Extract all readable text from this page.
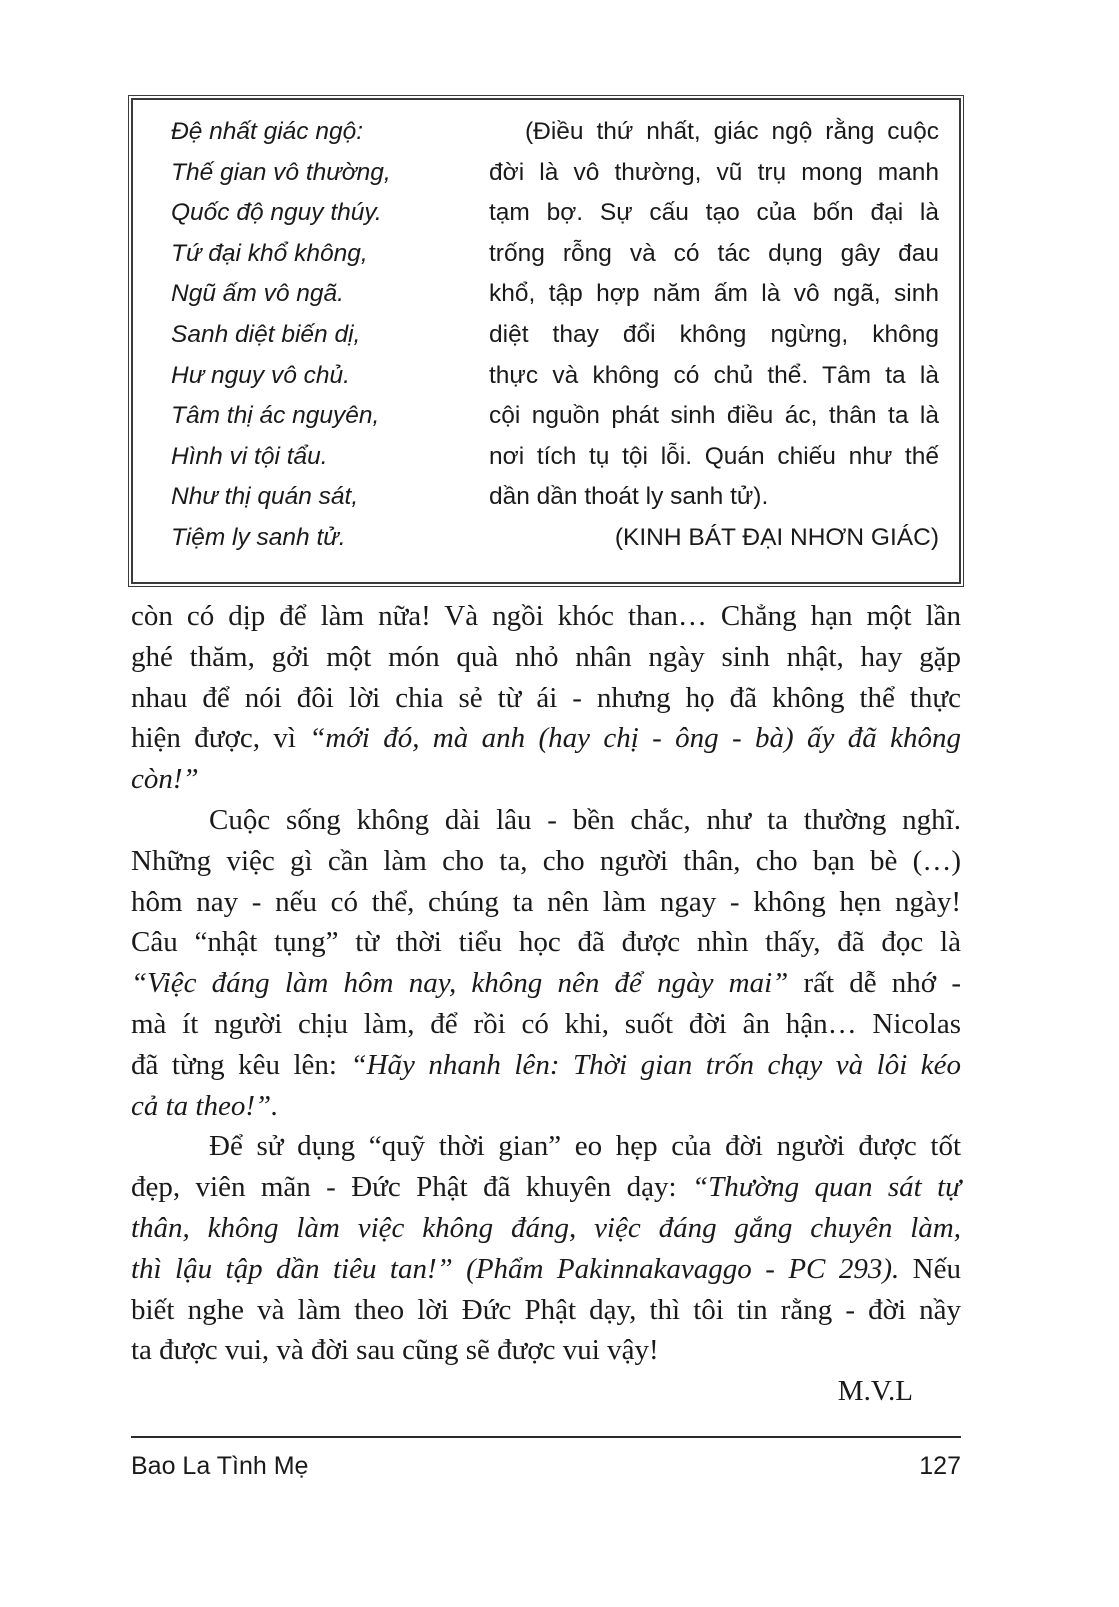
Đệ nhất giác ngộ:
Thế gian vô thường,
Quốc độ nguy thúy.
Tứ đại khổ không,
Ngũ ấm vô ngã.
Sanh diệt biến dị,
Hư nguy vô chủ.
Tâm thị ác nguyên,
Hình vi tội tẩu.
Như thị quán sát,
Tiệm ly sanh tử.
(Điều thứ nhất, giác ngộ rằng cuộc
đời là vô thường, vũ trụ mong manh
tạm bợ. Sự cấu tạo của bốn đại là
trống rỗng và có tác dụng gây đau
khổ, tập hợp năm ấm là vô ngã, sinh
diệt thay đổi không ngừng, không
thực và không có chủ thể. Tâm ta là
cội nguồn phát sinh điều ác, thân ta là
nơi tích tụ tội lỗi. Quán chiếu như thế
dần dần thoát ly sanh tử).
(KINH BÁT ĐẠI NHƠN GIÁC)
còn có dịp để làm nữa! Và ngồi khóc than… Chẳng hạn một lần
ghé thăm, gởi một món quà nhỏ nhân ngày sinh nhật, hay gặp
nhau để nói đôi lời chia sẻ từ ái - nhưng họ đã không thể thực
hiện được, vì “mới đó, mà anh (hay chị - ông - bà) ấy đã không
còn!”
Cuộc sống không dài lâu - bền chắc, như ta thường nghĩ.
Những việc gì cần làm cho ta, cho người thân, cho bạn bè (…)
hôm nay - nếu có thể, chúng ta nên làm ngay - không hẹn ngày!
Câu “nhật tụng” từ thời tiểu học đã được nhìn thấy, đã đọc là
“Việc đáng làm hôm nay, không nên để ngày mai” rất dễ nhớ -
mà ít người chịu làm, để rồi có khi, suốt đời ân hận… Nicolas
đã từng kêu lên: “Hãy nhanh lên: Thời gian trốn chạy và lôi kéo
cả ta theo!”.
Để sử dụng “quỹ thời gian” eo hẹp của đời người được tốt
đẹp, viên mãn - Đức Phật đã khuyên dạy: “Thường quan sát tự
thân, không làm việc không đáng, việc đáng gắng chuyên làm,
thì lậu tập dần tiêu tan!” (Phẩm Pakinnakavaggo - PC 293). Nếu
biết nghe và làm theo lời Đức Phật dạy, thì tôi tin rằng - đời nầy
ta được vui, và đời sau cũng sẽ được vui vậy!
M.V.L
Bao La Tình Mẹ	127
